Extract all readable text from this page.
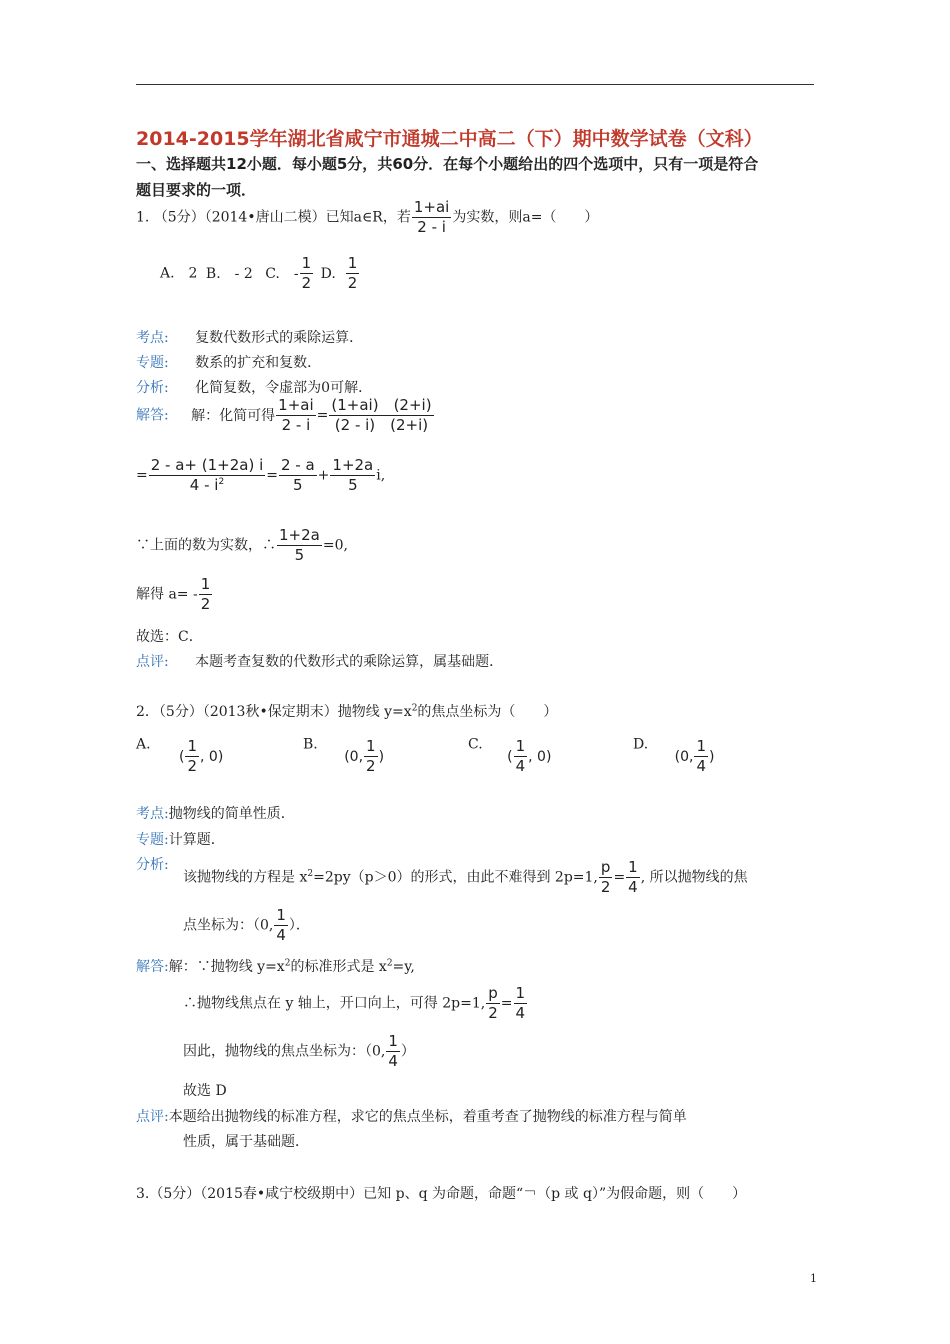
2014-2015学年湖北省咸宁市通城二中高二（下）期中数学试卷（文科）
一、选择题共12小题．每小题5分，共60分．在每个小题给出的四个选项中，只有一项是符合
题目要求的一项．
1. （5分）（2014•唐山二模）已知a∈R，若 $\frac{1+ai}{2 - i}$ 为实数，则a=（　　）
A.　2 B.　- 2 C.　- $\frac{1}{2} D$. $\frac{1}{2}$
考点: 复数代数形式的乘除运算．
专题: 数系的扩充和复数．
分析: 化简复数，令虚部为0可解．
解答: 解：化简可得 $\frac{1+ai}{2 - i} = \frac{(1+ai) (2+i)}{(2 - i) (2+i)}$
= $\frac{2 - a+ (1+2a) i}{4 - i^2} = \frac{2 - a}{5} + \frac{1+2a}{5} i$,
∵上面的数为实数，∴ $\frac{1+2a}{5} =0$,
解得 $a= - \frac{1}{2}$
故选：C．
点评: 本题考查复数的代数形式的乘除运算，属基础题．
2．（5分）（2013秋•保定期末）抛物线 $y=x^2$的焦点坐标为（　　）
A. ( $\frac{1}{2}$ , 0)
B. (0, $\frac{1}{2}$ )
C. ( $\frac{1}{4}$ , 0)
D. (0, $\frac{1}{4}$ )
考点:抛物线的简单性质．
专题:计算题．
分析:
该抛物线的方程是 $x^2=2py(p>0)$的形式，由此不难得到 2p=1, $\frac{p}{2} = \frac{1}{4}$ , 所以抛物线的焦
点坐标为：（0, $\frac{1}{4}$ ）．
解答:解：∵抛物线 $y=x^2$的标准形式是 $x^2=y$,
∴抛物线焦点在 y 轴上，开口向上，可得 2p=1, $\frac{p}{2} = \frac{1}{4}$
因此，抛物线的焦点坐标为：（0, $\frac{1}{4}$ ）
故选 D
点评:本题给出抛物线的标准方程，求它的焦点坐标，着重考查了抛物线的标准方程与简单
性质，属于基础题．
3.（5分）（2015春•咸宁校级期中）已知 p、q 为命题，命题“￢（p 或 q）”为假命题，则（　　）
1
